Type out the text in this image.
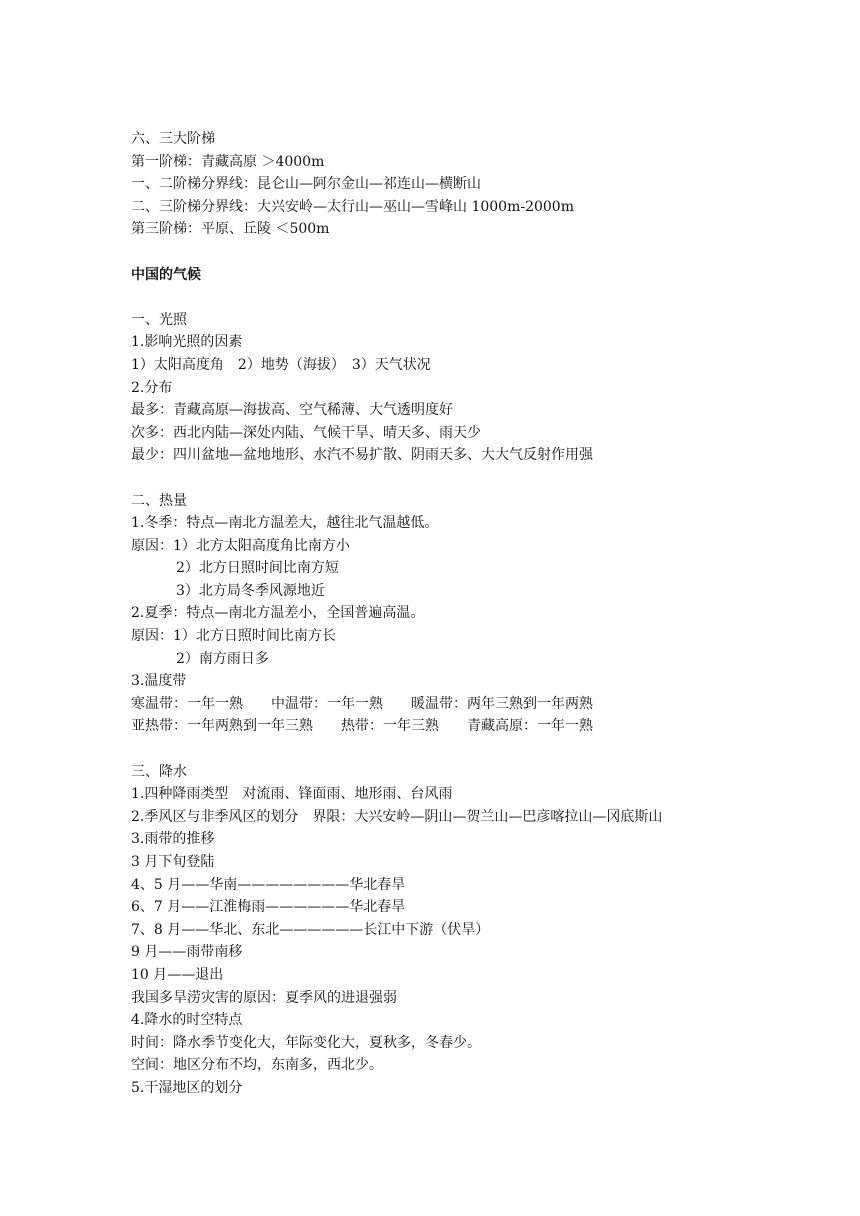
六、三大阶梯
第一阶梯：青藏高原 ＞4000m
一、二阶梯分界线：昆仑山—阿尔金山—祁连山—横断山
二、三阶梯分界线：大兴安岭—太行山—巫山—雪峰山 1000m-2000m
第三阶梯：平原、丘陵 ＜500m
中国的气候
一、光照
1.影响光照的因素
1）太阳高度角　2）地势（海拔）　3）天气状况
2.分布
最多：青藏高原—海拔高、空气稀薄、大气透明度好
次多：西北内陆—深处内陆、气候干旱、晴天多、雨天少
最少：四川盆地—盆地地形、水汽不易扩散、阴雨天多、大大气反射作用强
二、热量
1.冬季：特点—南北方温差大，越往北气温越低。
原因：1）北方太阳高度角比南方小
2）北方日照时间比南方短
3）北方局冬季风源地近
2.夏季：特点—南北方温差小，全国普遍高温。
原因：1）北方日照时间比南方长
2）南方雨日多
3.温度带
寒温带：一年一熟　　中温带：一年一熟　　暖温带：两年三熟到一年两熟
亚热带：一年两熟到一年三熟　　热带：一年三熟　　青藏高原：一年一熟
三、降水
1.四种降雨类型　对流雨、锋面雨、地形雨、台风雨
2.季风区与非季风区的划分　界限：大兴安岭—阴山—贺兰山—巴彦喀拉山—冈底斯山
3.雨带的推移
3 月下旬登陆
4、5 月——华南————————华北春旱
6、7 月——江淮梅雨——————华北春旱
7、8 月——华北、东北——————长江中下游（伏旱）
9 月——雨带南移
10 月——退出
我国多旱涝灾害的原因：夏季风的进退强弱
4.降水的时空特点
时间：降水季节变化大，年际变化大，夏秋多，冬春少。
空间：地区分布不均，东南多，西北少。
5.干湿地区的划分
